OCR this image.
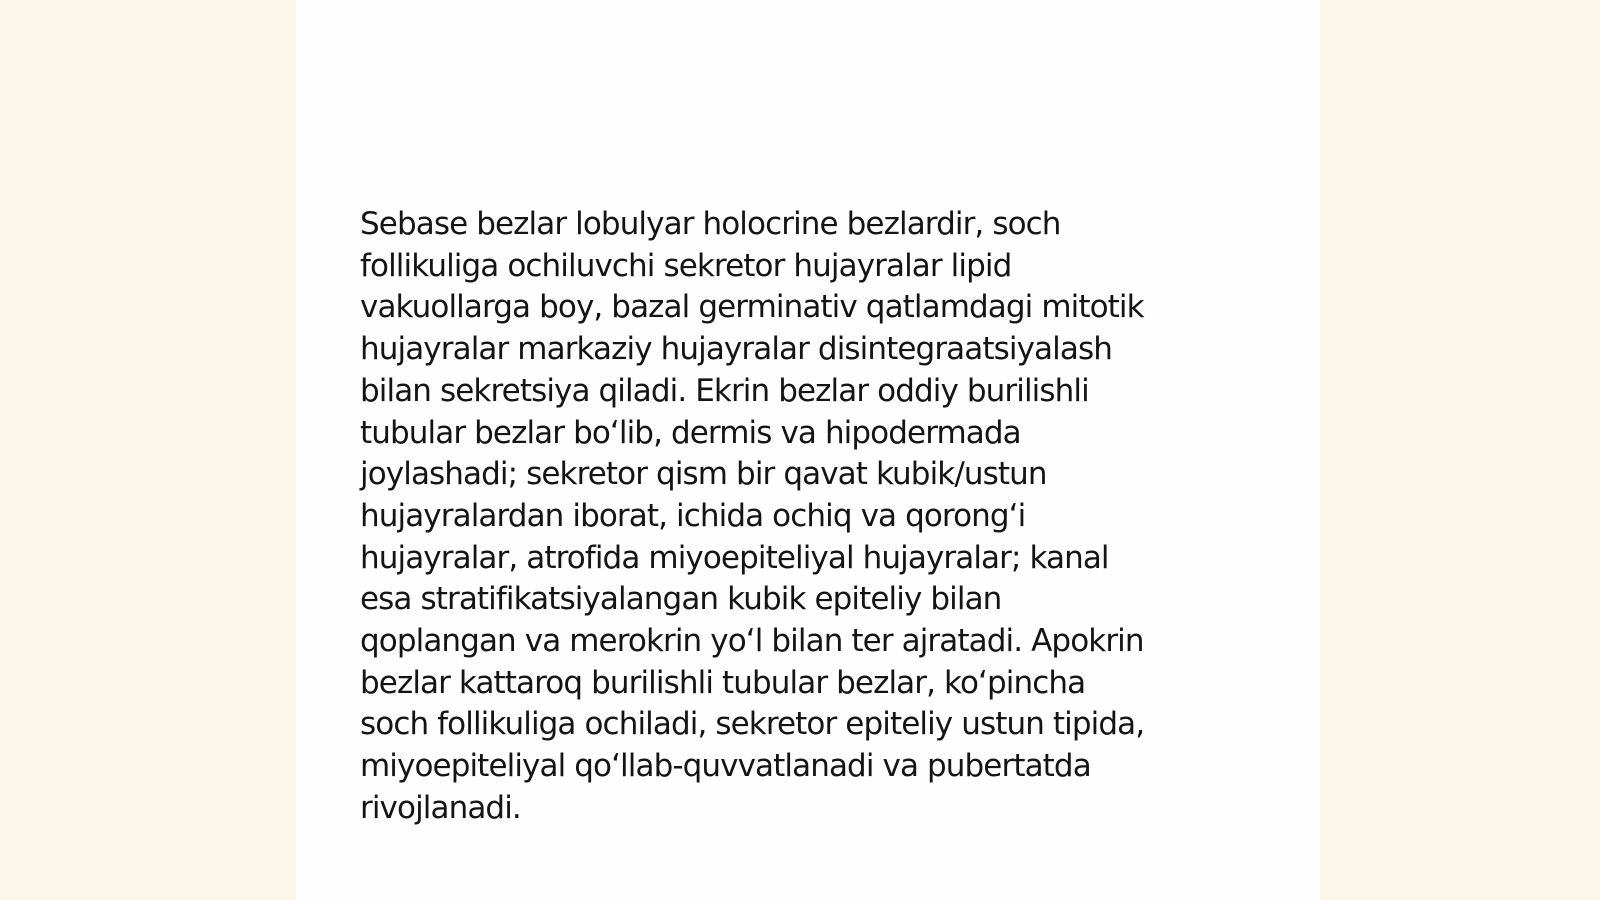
Sebase bezlar lobulyar holocrine bezlardir, soch
follikuliga ochiluvchi sekretor hujayralar lipid
vakuollarga boy, bazal germinativ qatlamdagi mitotik
hujayralar markaziy hujayralar disintegraatsiyalash
bilan sekretsiya qiladi. Ekrin bezlar oddiy burilishli
tubular bezlar bo‘lib, dermis va hipodermada
joylashadi; sekretor qism bir qavat kubik/ustun
hujayralardan iborat, ichida ochiq va qorong‘i
hujayralar, atrofida miyoepiteliyal hujayralar; kanal
esa stratifikatsiyalangan kubik epiteliy bilan
qoplangan va merokrin yo‘l bilan ter ajratadi. Apokrin
bezlar kattaroq burilishli tubular bezlar, ko‘pincha
soch follikuliga ochiladi, sekretor epiteliy ustun tipida,
miyoepiteliyal qo‘llab-quvvatlanadi va pubertatda
rivojlanadi.
